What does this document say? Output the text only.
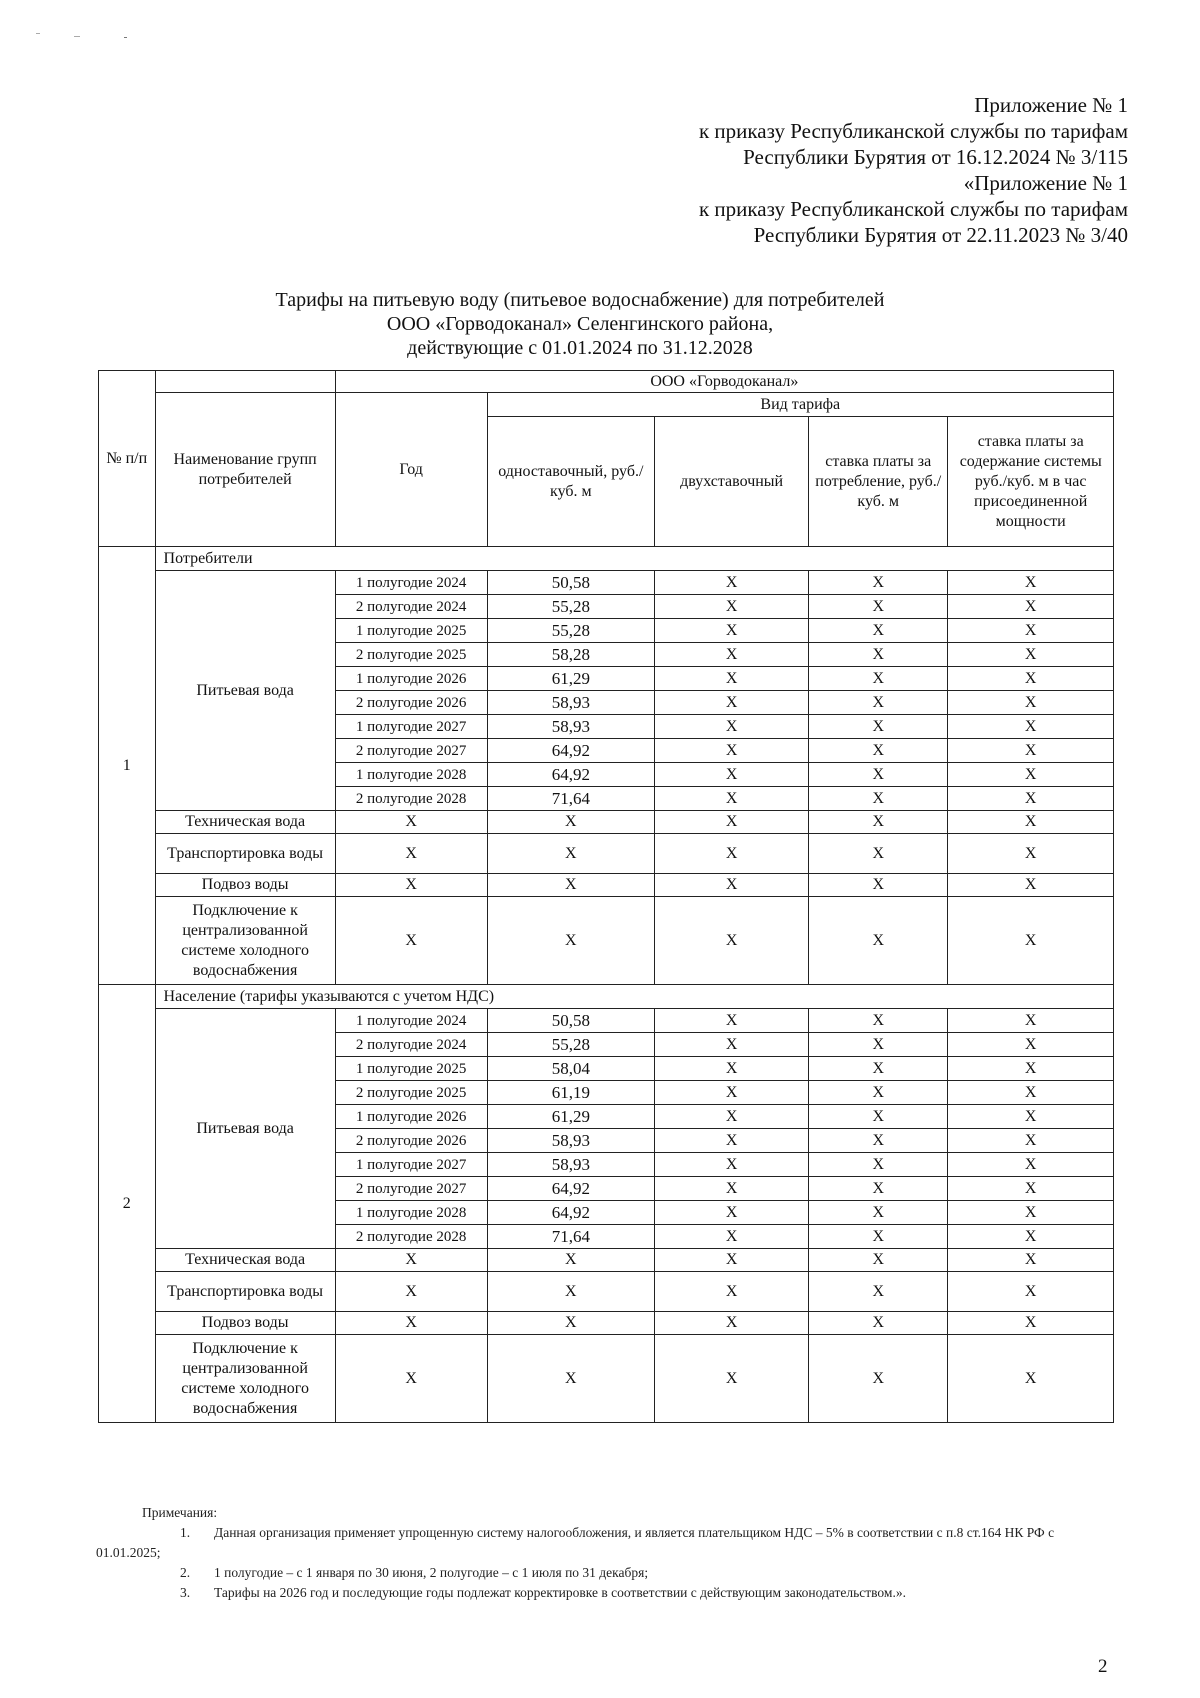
Приложение № 1
к приказу Республиканской службы по тарифам
Республики Бурятия от 16.12.2024 № 3/115
«Приложение № 1
к приказу Республиканской службы по тарифам
Республики Бурятия от 22.11.2023 № 3/40
Тарифы на питьевую воду (питьевое водоснабжение) для потребителей
ООО «Горводоканал» Селенгинского района,
действующие с 01.01.2024 по 31.12.2028
№ п/п		ООО «Горводоканал»				
	Наименование групп потребителей	Год	Вид тарифа			
			одноставочный, руб./ куб. м	двухставочный	ставка платы за потребление, руб./ куб. м	ставка платы за содержание системы руб./куб. м в час присоединенной мощности
1	Потребители					
	Питьевая вода	1 полугодие 2024	50,58	X	X	X
		2 полугодие 2024	55,28	X	X	X
		1 полугодие 2025	55,28	X	X	X
		2 полугодие 2025	58,28	X	X	X
		1 полугодие 2026	61,29	X	X	X
		2 полугодие 2026	58,93	X	X	X
		1 полугодие 2027	58,93	X	X	X
		2 полугодие 2027	64,92	X	X	X
		1 полугодие 2028	64,92	X	X	X
		2 полугодие 2028	71,64	X	X	X
	Техническая вода	X	X	X	X	X
	Транспортировка воды	X	X	X	X	X
	Подвоз воды	X	X	X	X	X
	Подключение к централизованной системе холодного водоснабжения	X	X	X	X	X
2	Население (тарифы указываются с учетом НДС)					
	Питьевая вода	1 полугодие 2024	50,58	X	X	X
		2 полугодие 2024	55,28	X	X	X
		1 полугодие 2025	58,04	X	X	X
		2 полугодие 2025	61,19	X	X	X
		1 полугодие 2026	61,29	X	X	X
		2 полугодие 2026	58,93	X	X	X
		1 полугодие 2027	58,93	X	X	X
		2 полугодие 2027	64,92	X	X	X
		1 полугодие 2028	64,92	X	X	X
		2 полугодие 2028	71,64	X	X	X
	Техническая вода	X	X	X	X	X
	Транспортировка воды	X	X	X	X	X
	Подвоз воды	X	X	X	X	X
	Подключение к централизованной системе холодного водоснабжения	X	X	X	X	X
Примечания:
1. Данная организация применяет упрощенную систему налогообложения, и является плательщиком НДС – 5% в соответствии с п.8 ст.164 НК РФ с 01.01.2025;
2. 1 полугодие – с 1 января по 30 июня, 2 полугодие – с 1 июля по 31 декабря;
3. Тарифы на 2026 год и последующие годы подлежат корректировке в соответствии с действующим законодательством.».
2
